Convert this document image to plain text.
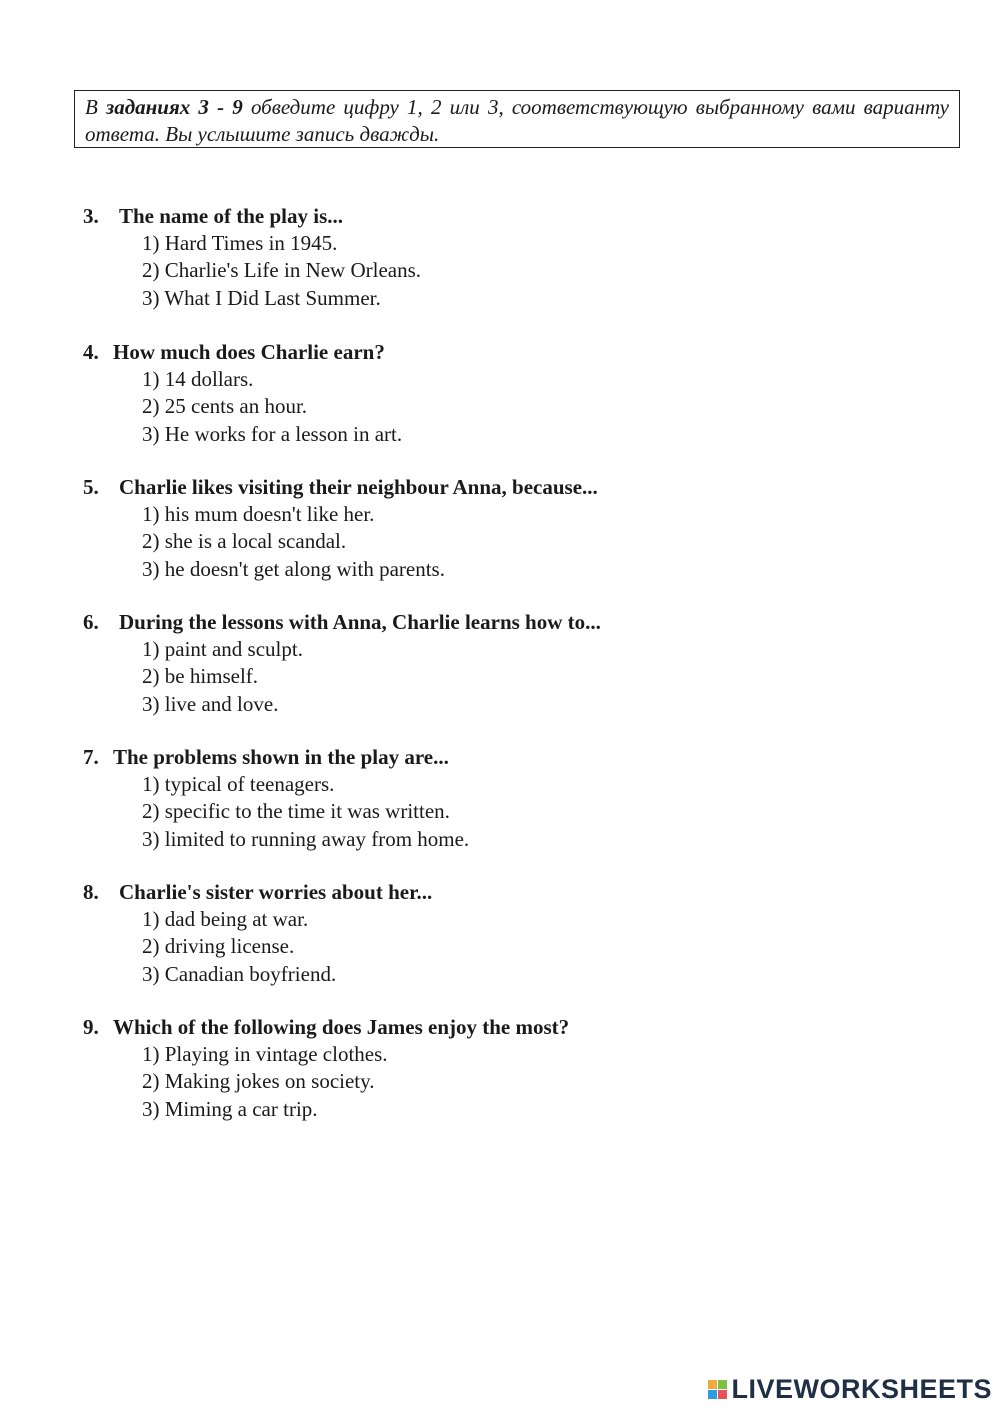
В заданиях 3 - 9 обведите цифру 1, 2 или 3, соответствующую выбранному вами варианту ответа. Вы услышите запись дважды.
3. The name of the play is...
1) Hard Times in 1945.
2) Charlie's Life in New Orleans.
3) What I Did Last Summer.
4. How much does Charlie earn?
1) 14 dollars.
2) 25 cents an hour.
3) He works for a lesson in art.
5. Charlie likes visiting their neighbour Anna, because...
1) his mum doesn't like her.
2) she is a local scandal.
3) he doesn't get along with parents.
6. During the lessons with Anna, Charlie learns how to...
1) paint and sculpt.
2) be himself.
3) live and love.
7. The problems shown in the play are...
1) typical of teenagers.
2) specific to the time it was written.
3) limited to running away from home.
8. Charlie's sister worries about her...
1) dad being at war.
2) driving license.
3) Canadian boyfriend.
9. Which of the following does James enjoy the most?
1) Playing in vintage clothes.
2) Making jokes on society.
3) Miming a car trip.
LIVEWORKSHEETS
